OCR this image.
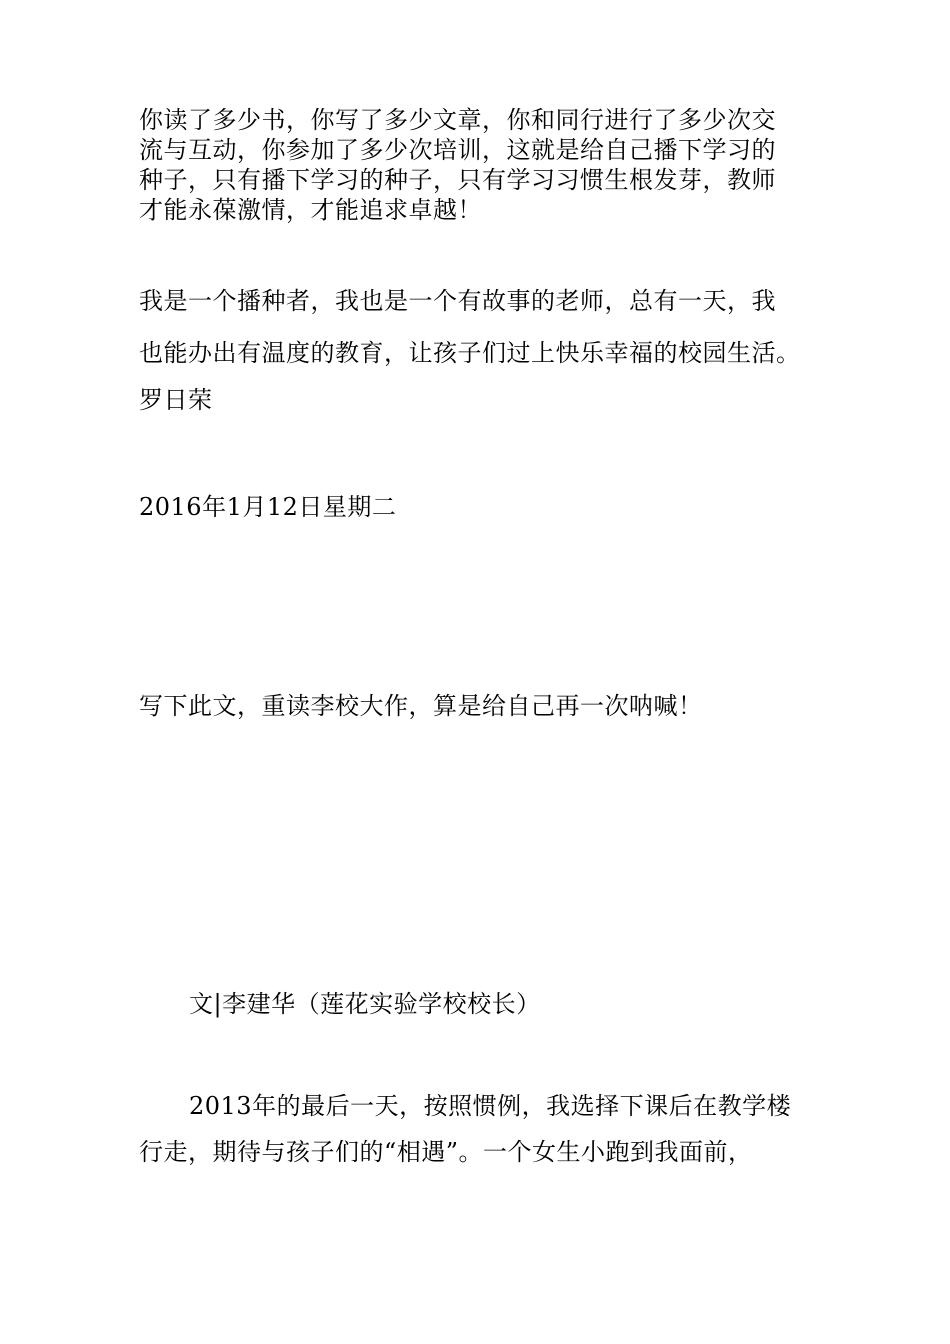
你读了多少书，你写了多少文章，你和同行进行了多少次交
流与互动，你参加了多少次培训，这就是给自己播下学习的
种子，只有播下学习的种子，只有学习习惯生根发芽，教师
才能永葆激情，才能追求卓越！
我是一个播种者，我也是一个有故事的老师，总有一天，我
也能办出有温度的教育，让孩子们过上快乐幸福的校园生活。
罗日荣
2016年1月12日星期二
写下此文，重读李校大作，算是给自己再一次呐喊！
文|李建华（莲花实验学校校长）
2013年的最后一天，按照惯例，我选择下课后在教学楼
行走，期待与孩子们的“相遇”。一个女生小跑到我面前，
